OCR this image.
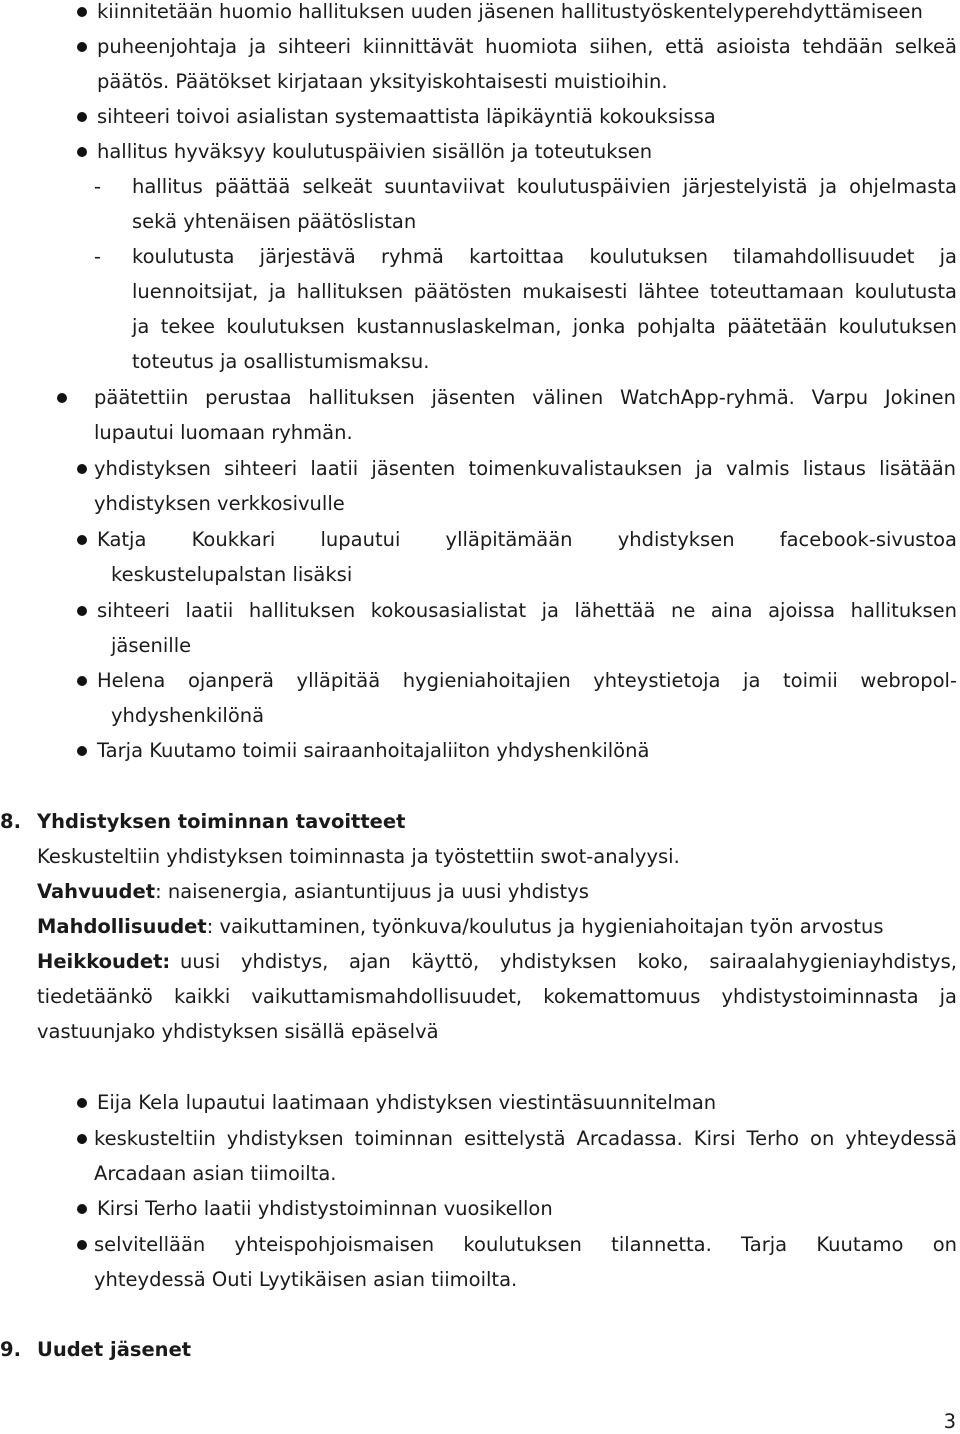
kiinnitetään huomio hallituksen uuden jäsenen hallitustyöskentelyperehdyttämiseen
puheenjohtaja ja sihteeri kiinnittävät huomiota siihen, että asioista tehdään selkeä
päätös. Päätökset kirjataan yksityiskohtaisesti muistioihin.
sihteeri toivoi asialistan systemaattista läpikäyntiä kokouksissa
hallitus hyväksyy koulutuspäivien sisällön ja toteutuksen
- hallitus päättää selkeät suuntaviivat koulutuspäivien järjestelyistä ja ohjelmasta
sekä yhtenäisen päätöslistan
- koulutusta järjestävä ryhmä kartoittaa koulutuksen tilamahdollisuudet ja
luennoitsijat, ja hallituksen päätösten mukaisesti lähtee toteuttamaan koulutusta
ja tekee koulutuksen kustannuslaskelman, jonka pohjalta päätetään koulutuksen
toteutus ja osallistumismaksu.
päätettiin perustaa hallituksen jäsenten välinen WatchApp-ryhmä. Varpu Jokinen
lupautui luomaan ryhmän.
yhdistyksen sihteeri laatii jäsenten toimenkuvalistauksen ja valmis listaus lisätään
yhdistyksen verkkosivulle
Katja Koukkari lupautui ylläpitämään yhdistyksen facebook-sivustoa
keskustelupalstan lisäksi
sihteeri laatii hallituksen kokousasialistat ja lähettää ne aina ajoissa hallituksen
jäsenille
Helena ojanperä ylläpitää hygieniahoitajien yhteystietoja ja toimii webropol-
yhdyshenkilönä
Tarja Kuutamo toimii sairaanhoitajaliiton yhdyshenkilönä
8. Yhdistyksen toiminnan tavoitteet
Keskusteltiin yhdistyksen toiminnasta ja työstettiin swot-analyysi.
Vahvuudet: naisenergia, asiantuntijuus ja uusi yhdistys
Mahdollisuudet: vaikuttaminen, työnkuva/koulutus ja hygieniahoitajan työn arvostus
Heikkoudet: uusi yhdistys, ajan käyttö, yhdistyksen koko, sairaalahygieniayhdistys,
tiedetäänkö kaikki vaikuttamismahdollisuudet, kokemattomuus yhdistystoiminnasta ja
vastuunjako yhdistyksen sisällä epäselvä
Eija Kela lupautui laatimaan yhdistyksen viestintäsuunnitelman
keskusteltiin yhdistyksen toiminnan esittelystä Arcadassa. Kirsi Terho on yhteydessä
Arcadaan asian tiimoilta.
Kirsi Terho laatii yhdistystoiminnan vuosikellon
selvitellään yhteispohjoismaisen koulutuksen tilannetta. Tarja Kuutamo on
yhteydessä Outi Lyytikäisen asian tiimoilta.
9. Uudet jäsenet
3
